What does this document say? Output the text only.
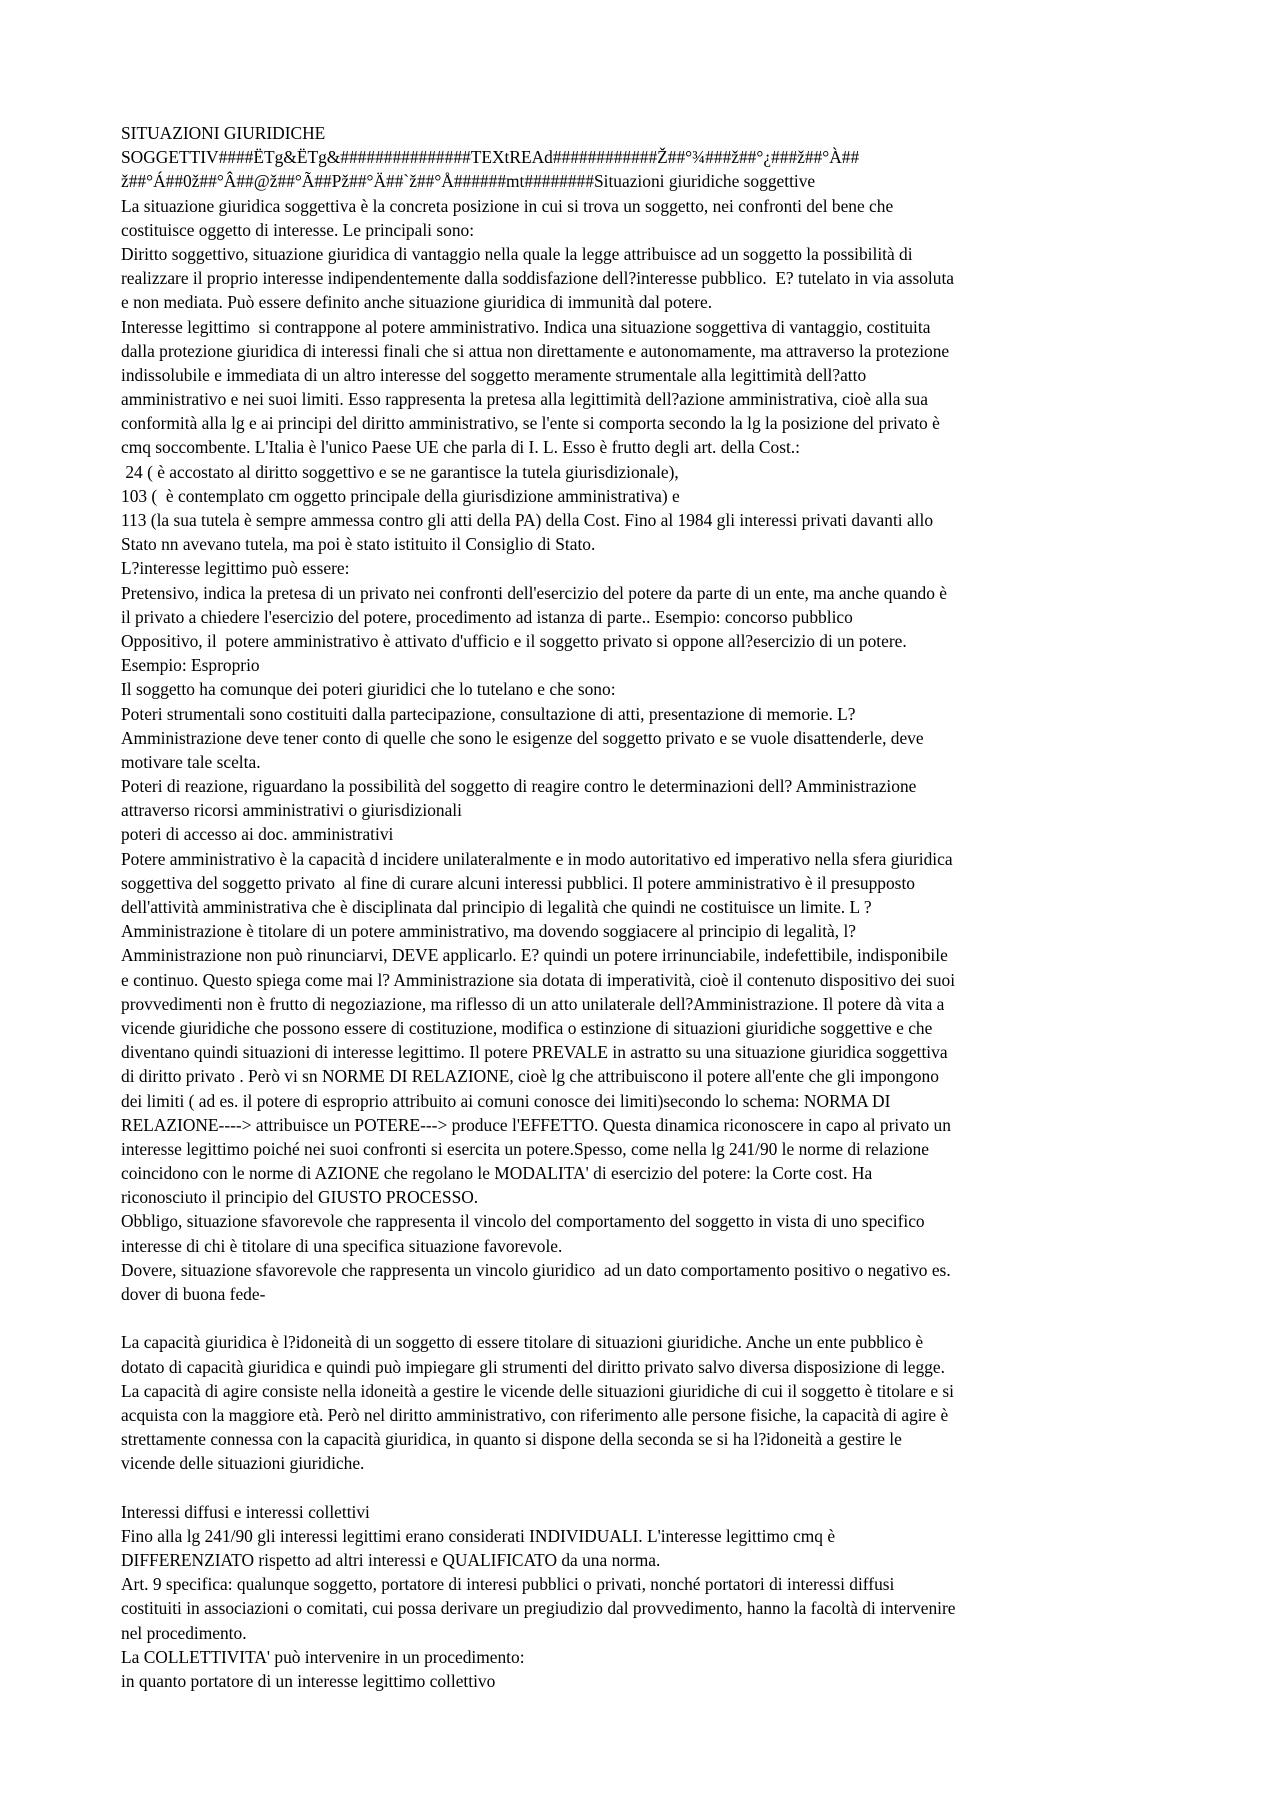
SITUAZIONI GIURIDICHE
SOGGETTIV####ËTg&ËTg&###############TEXtREAd############Ž##°¾###ž##°¿###ž##°À##
ž##°Á##0ž##°Â##@ž##°Ã##Pž##°Ä##`ž##°Å######mt########Situazioni giuridiche soggettive
La situazione giuridica soggettiva è la concreta posizione in cui si trova un soggetto, nei confronti del bene che
costituisce oggetto di interesse. Le principali sono:
Diritto soggettivo, situazione giuridica di vantaggio nella quale la legge attribuisce ad un soggetto la possibilità di
realizzare il proprio interesse indipendentemente dalla soddisfazione dell?interesse pubblico.  E? tutelato in via assoluta
e non mediata. Può essere definito anche situazione giuridica di immunità dal potere.
Interesse legittimo  si contrappone al potere amministrativo. Indica una situazione soggettiva di vantaggio, costituita
dalla protezione giuridica di interessi finali che si attua non direttamente e autonomamente, ma attraverso la protezione
indissolubile e immediata di un altro interesse del soggetto meramente strumentale alla legittimità dell?atto
amministrativo e nei suoi limiti. Esso rappresenta la pretesa alla legittimità dell?azione amministrativa, cioè alla sua
conformità alla lg e ai principi del diritto amministrativo, se l'ente si comporta secondo la lg la posizione del privato è
cmq soccombente. L'Italia è l'unico Paese UE che parla di I. L. Esso è frutto degli art. della Cost.:
24 ( è accostato al diritto soggettivo e se ne garantisce la tutela giurisdizionale),
103 (  è contemplato cm oggetto principale della giurisdizione amministrativa) e
113 (la sua tutela è sempre ammessa contro gli atti della PA) della Cost. Fino al 1984 gli interessi privati davanti allo
Stato nn avevano tutela, ma poi è stato istituito il Consiglio di Stato.
L?interesse legittimo può essere:
Pretensivo, indica la pretesa di un privato nei confronti dell'esercizio del potere da parte di un ente, ma anche quando è
il privato a chiedere l'esercizio del potere, procedimento ad istanza di parte.. Esempio: concorso pubblico
Oppositivo, il  potere amministrativo è attivato d'ufficio e il soggetto privato si oppone all?esercizio di un potere.
Esempio: Esproprio
Il soggetto ha comunque dei poteri giuridici che lo tutelano e che sono:
Poteri strumentali sono costituiti dalla partecipazione, consultazione di atti, presentazione di memorie. L?
Amministrazione deve tener conto di quelle che sono le esigenze del soggetto privato e se vuole disattenderle, deve
motivare tale scelta.
Poteri di reazione, riguardano la possibilità del soggetto di reagire contro le determinazioni dell? Amministrazione
attraverso ricorsi amministrativi o giurisdizionali
poteri di accesso ai doc. amministrativi
Potere amministrativo è la capacità d incidere unilateralmente e in modo autoritativo ed imperativo nella sfera giuridica
soggettiva del soggetto privato  al fine di curare alcuni interessi pubblici. Il potere amministrativo è il presupposto
dell'attività amministrativa che è disciplinata dal principio di legalità che quindi ne costituisce un limite. L ?
Amministrazione è titolare di un potere amministrativo, ma dovendo soggiacere al principio di legalità, l?
Amministrazione non può rinunciarvi, DEVE applicarlo. E? quindi un potere irrinunciabile, indefettibile, indisponibile
e continuo. Questo spiega come mai l? Amministrazione sia dotata di imperatività, cioè il contenuto dispositivo dei suoi
provvedimenti non è frutto di negoziazione, ma riflesso di un atto unilaterale dell?Amministrazione. Il potere dà vita a
vicende giuridiche che possono essere di costituzione, modifica o estinzione di situazioni giuridiche soggettive e che
diventano quindi situazioni di interesse legittimo. Il potere PREVALE in astratto su una situazione giuridica soggettiva
di diritto privato . Però vi sn NORME DI RELAZIONE, cioè lg che attribuiscono il potere all'ente che gli impongono
dei limiti ( ad es. il potere di esproprio attribuito ai comuni conosce dei limiti)secondo lo schema: NORMA DI
RELAZIONE----> attribuisce un POTERE---> produce l'EFFETTO. Questa dinamica riconoscere in capo al privato un
interesse legittimo poiché nei suoi confronti si esercita un potere.Spesso, come nella lg 241/90 le norme di relazione
coincidono con le norme di AZIONE che regolano le MODALITA' di esercizio del potere: la Corte cost. Ha
riconosciuto il principio del GIUSTO PROCESSO.
Obbligo, situazione sfavorevole che rappresenta il vincolo del comportamento del soggetto in vista di uno specifico
interesse di chi è titolare di una specifica situazione favorevole.
Dovere, situazione sfavorevole che rappresenta un vincolo giuridico  ad un dato comportamento positivo o negativo es.
dover di buona fede-
La capacità giuridica è l?idoneità di un soggetto di essere titolare di situazioni giuridiche. Anche un ente pubblico è
dotato di capacità giuridica e quindi può impiegare gli strumenti del diritto privato salvo diversa disposizione di legge.
La capacità di agire consiste nella idoneità a gestire le vicende delle situazioni giuridiche di cui il soggetto è titolare e si
acquista con la maggiore età. Però nel diritto amministrativo, con riferimento alle persone fisiche, la capacità di agire è
strettamente connessa con la capacità giuridica, in quanto si dispone della seconda se si ha l?idoneità a gestire le
vicende delle situazioni giuridiche.
Interessi diffusi e interessi collettivi
Fino alla lg 241/90 gli interessi legittimi erano considerati INDIVIDUALI. L'interesse legittimo cmq è
DIFFERENZIATO rispetto ad altri interessi e QUALIFICATO da una norma.
Art. 9 specifica: qualunque soggetto, portatore di interesi pubblici o privati, nonché portatori di interessi diffusi
costituiti in associazioni o comitati, cui possa derivare un pregiudizio dal provvedimento, hanno la facoltà di intervenire
nel procedimento.
La COLLETTIVITA' può intervenire in un procedimento:
in quanto portatore di un interesse legittimo collettivo
